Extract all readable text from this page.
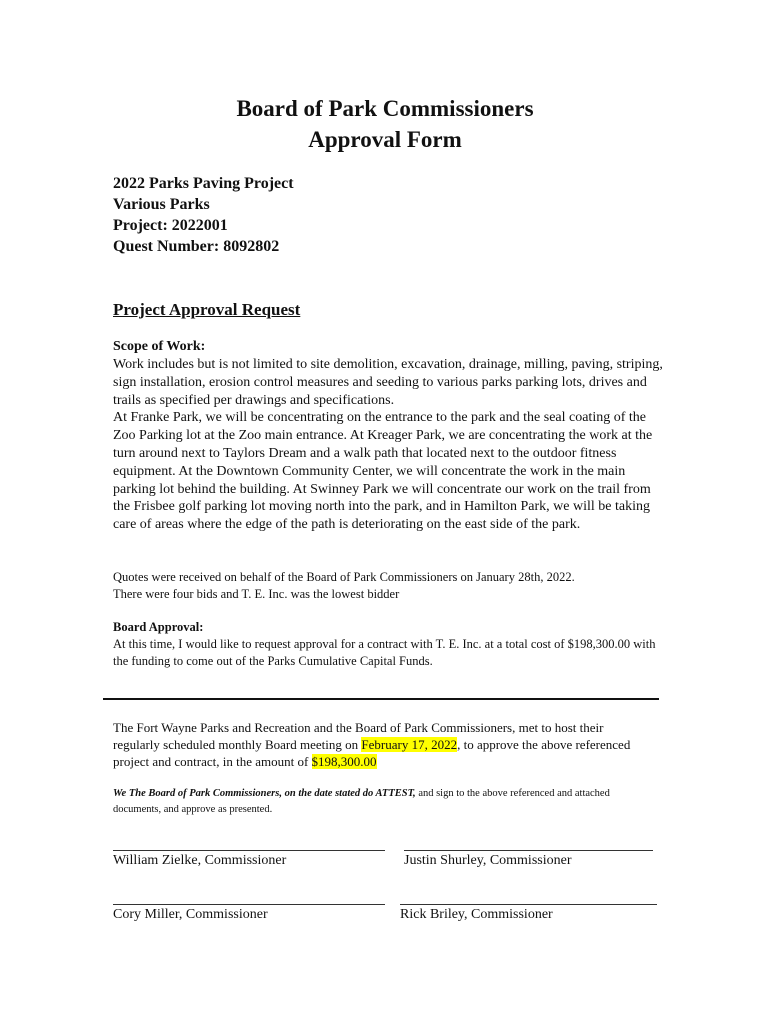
Board of Park Commissioners
Approval Form
2022 Parks Paving Project
Various Parks
Project: 2022001
Quest Number: 8092802
Project Approval Request
Scope of Work:

Work includes but is not limited to site demolition, excavation, drainage, milling, paving, striping, sign installation, erosion control measures and seeding to various parks parking lots, drives and trails as specified per drawings and specifications.

At Franke Park, we will be concentrating on the entrance to the park and the seal coating of the Zoo Parking lot at the Zoo main entrance. At Kreager Park, we are concentrating the work at the turn around next to Taylors Dream and a walk path that located next to the outdoor fitness equipment. At the Downtown Community Center, we will concentrate the work in the main parking lot behind the building. At Swinney Park we will concentrate our work on the trail from the Frisbee golf parking lot moving north into the park, and in Hamilton Park, we will be taking care of areas where the edge of the path is deteriorating on the east side of the park.

Quotes were received on behalf of the Board of Park Commissioners on January 28th, 2022.

There were four bids and T. E. Inc. was the lowest bidder

Board Approval:
At this time, I would like to request approval for a contract with T. E. Inc. at a total cost of $198,300.00 with the funding to come out of the Parks Cumulative Capital Funds.
The Fort Wayne Parks and Recreation and the Board of Park Commissioners, met to host their regularly scheduled monthly Board meeting on February 17, 2022, to approve the above referenced project and contract, in the amount of $198,300.00
We The Board of Park Commissioners, on the date stated do ATTEST, and sign to the above referenced and attached documents, and approve as presented.
William Zielke, Commissioner	Justin Shurley, Commissioner
Cory Miller, Commissioner	Rick Briley, Commissioner
